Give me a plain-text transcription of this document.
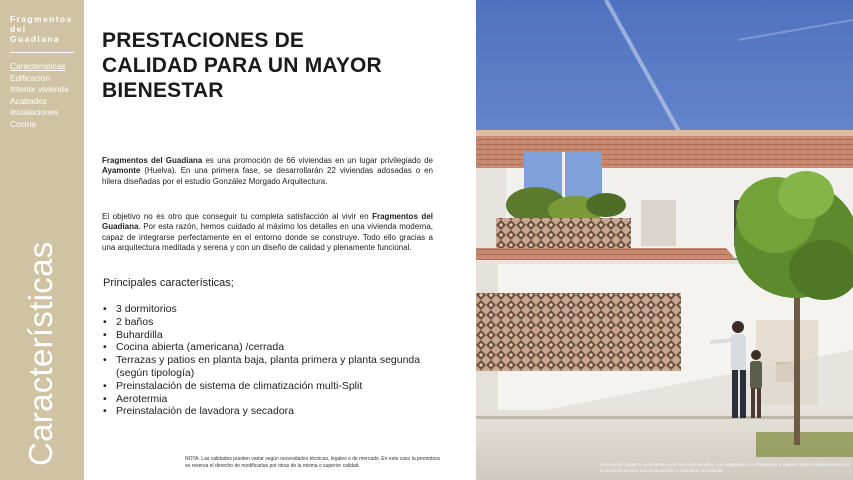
Fragmentos
del
Guadiana
Características
Edificación
Interior vivienda
Acabados
Instalaciones
Cocina
Características
PRESTACIONES DE
CALIDAD PARA UN MAYOR
BIENESTAR

Fragmentos del Guadiana es una promoción de 66 viviendas en un lugar privilegiado de Ayamonte (Huelva). En una primera fase, se desarrollarán 22 viviendas adosadas o en hilera diseñadas por el estudio González Morgado Arquitectura.

El objetivo no es otro que conseguir tu completa satisfacción al vivir en Fragmentos del Guadiana. Por esta razón, hemos cuidado al máximo los detalles en una vivienda moderna, capaz de integrarse perfectamente en el entorno donde se construye. Todo ello gracias a una arquitectura meditada y serena y con un diseño de calidad y plenamente funcional.

Principales características;
• 3 dormitorios
• 2 baños
• Buhardilla
• Cocina abierta (americana) /cerrada
• Terrazas y patios en planta baja, planta primera y planta segunda (según tipología)
• Preinstalación de sistema de climatización multi-Split
• Aerotermia
• Preinstalación de lavadora y secadora
NOTA: Las calidades pueden variar según necesidades técnicas, legales o de mercado. En este caso la promotora se reserva el derecho de modificarlas por otras de la misma o superior calidad.	Recreación digital no vinculante a efectos contractuales. Las imágenes son orientativas y pueden sufrir modificaciones por el proyecto técnico que se desarrolle y mobiliario no incluido.
